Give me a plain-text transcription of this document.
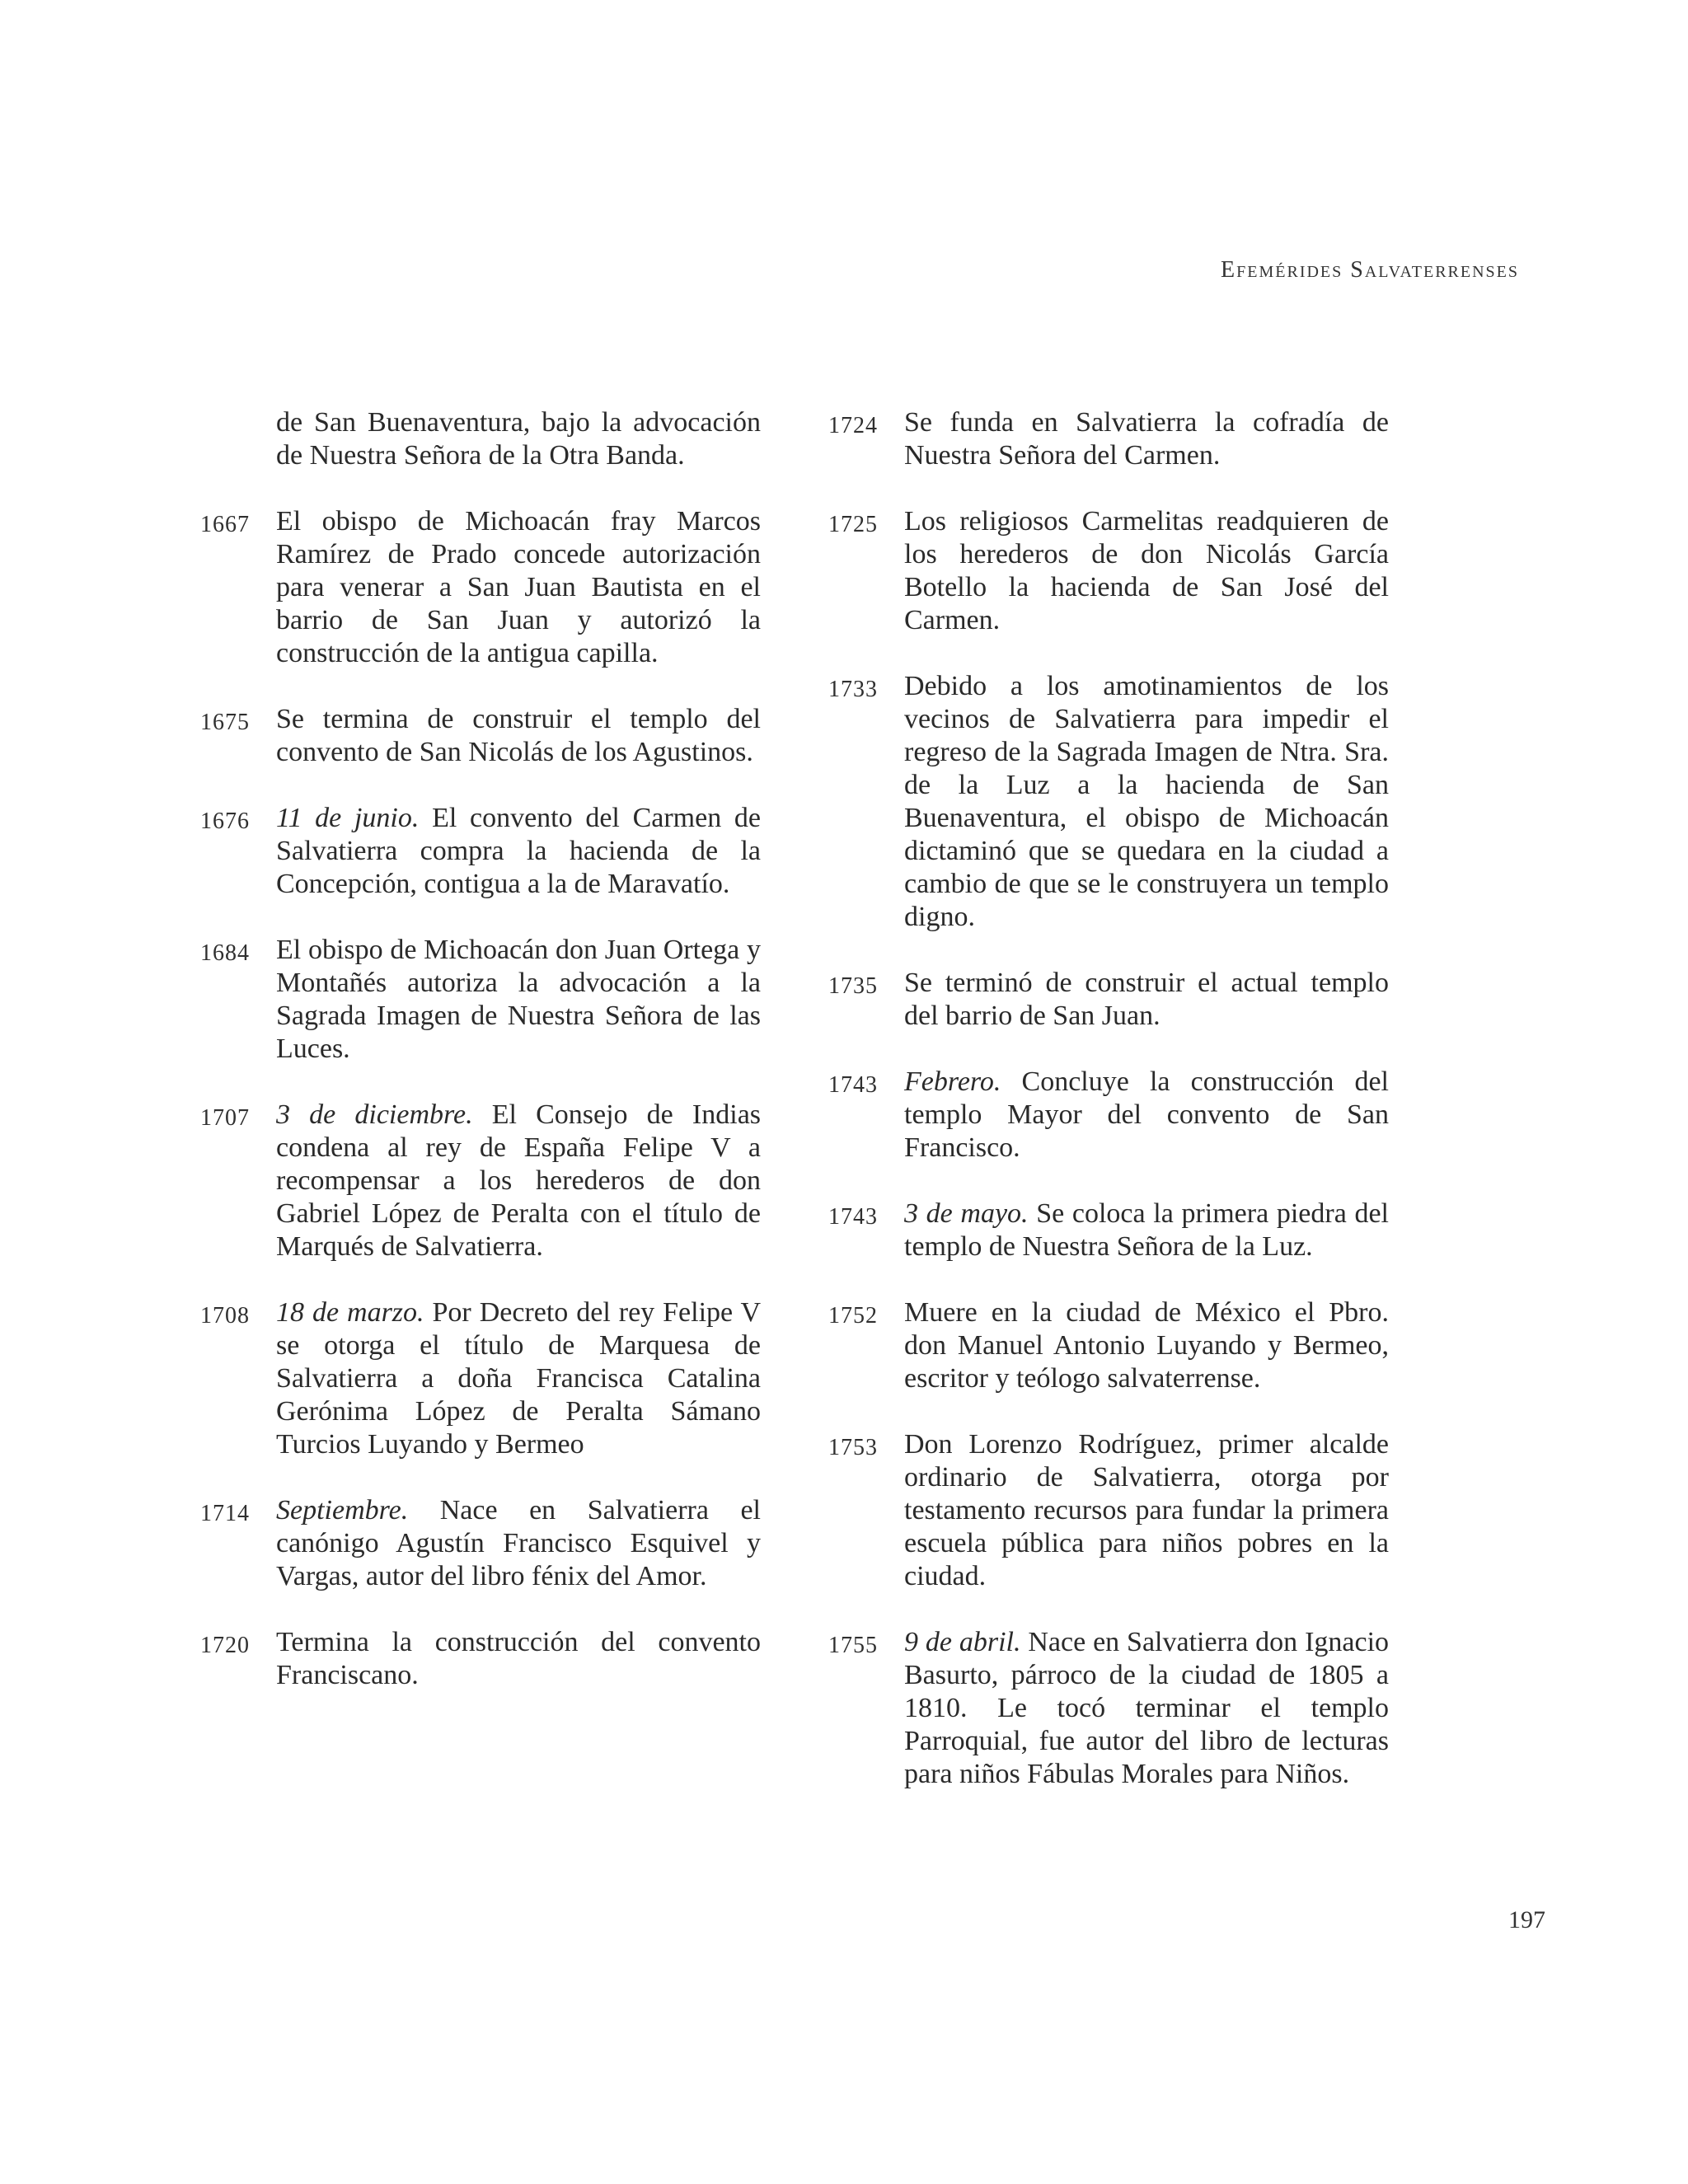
Efemérides Salvaterrenses
de San Buenaventura, bajo la advocación de Nuestra Señora de la Otra Banda.
1667 El obispo de Michoacán fray Marcos Ramírez de Prado concede autorización para venerar a San Juan Bautista en el barrio de San Juan y autorizó la construcción de la antigua capilla.
1675 Se termina de construir el templo del convento de San Nicolás de los Agustinos.
1676 11 de junio. El convento del Carmen de Salvatierra compra la hacienda de la Concepción, contigua a la de Maravatío.
1684 El obispo de Michoacán don Juan Ortega y Montañés autoriza la advocación a la Sagrada Imagen de Nuestra Señora de las Luces.
1707 3 de diciembre. El Consejo de Indias condena al rey de España Felipe V a recompensar a los herederos de don Gabriel López de Peralta con el título de Marqués de Salvatierra.
1708 18 de marzo. Por Decreto del rey Felipe V se otorga el título de Marquesa de Salvatierra a doña Francisca Catalina Gerónima López de Peralta Sámano Turcios Luyando y Bermeo
1714 Septiembre. Nace en Salvatierra el canónigo Agustín Francisco Esquivel y Vargas, autor del libro fénix del Amor.
1720 Termina la construcción del convento Franciscano.
1724 Se funda en Salvatierra la cofradía de Nuestra Señora del Carmen.
1725 Los religiosos Carmelitas readquieren de los herederos de don Nicolás García Botello la hacienda de San José del Carmen.
1733 Debido a los amotinamientos de los vecinos de Salvatierra para impedir el regreso de la Sagrada Imagen de Ntra. Sra. de la Luz a la hacienda de San Buenaventura, el obispo de Michoacán dictaminó que se quedara en la ciudad a cambio de que se le construyera un templo digno.
1735 Se terminó de construir el actual templo del barrio de San Juan.
1743 Febrero. Concluye la construcción del templo Mayor del convento de San Francisco.
1743 3 de mayo. Se coloca la primera piedra del templo de Nuestra Señora de la Luz.
1752 Muere en la ciudad de México el Pbro. don Manuel Antonio Luyando y Bermeo, escritor y teólogo salvaterrense.
1753 Don Lorenzo Rodríguez, primer alcalde ordinario de Salvatierra, otorga por testamento recursos para fundar la primera escuela pública para niños pobres en la ciudad.
1755 9 de abril. Nace en Salvatierra don Ignacio Basurto, párroco de la ciudad de 1805 a 1810. Le tocó terminar el templo Parroquial, fue autor del libro de lecturas para niños Fábulas Morales para Niños.
197
